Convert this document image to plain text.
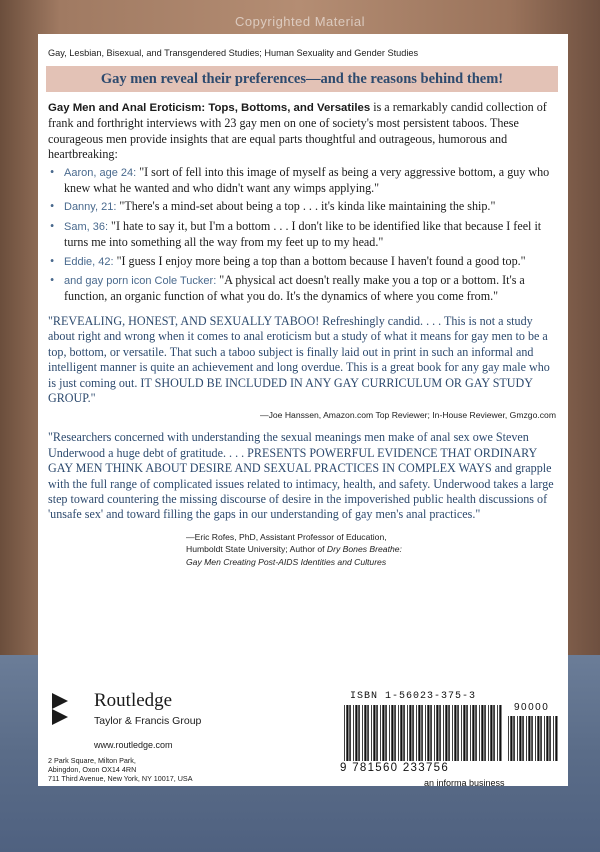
Copyrighted Material
Gay, Lesbian, Bisexual, and Transgendered Studies; Human Sexuality and Gender Studies
Gay men reveal their preferences—and the reasons behind them!

Gay Men and Anal Eroticism: Tops, Bottoms, and Versatiles is a remarkably candid collection of frank and forthright interviews with 23 gay men on one of society's most persistent taboos. These courageous men provide insights that are equal parts thoughtful and outrageous, humorous and heartbreaking:

• Aaron, age 24: "I sort of fell into this image of myself as being a very aggressive bottom, a guy who knew what he wanted and who didn't want any wimps applying."
• Danny, 21: "There's a mind-set about being a top . . . it's kinda like maintaining the ship."
• Sam, 36: "I hate to say it, but I'm a bottom . . . I don't like to be identified like that because I feel it turns me into something all the way from my feet up to my head."
• Eddie, 42: "I guess I enjoy more being a top than a bottom because I haven't found a good top."
• and gay porn icon Cole Tucker: "A physical act doesn't really make you a top or a bottom. It's a function, an organic function of what you do. It's the dynamics of where you come from."

"REVEALING, HONEST, AND SEXUALLY TABOO! Refreshingly candid. . . . This is not a study about right and wrong when it comes to anal eroticism but a study of what it means for gay men to be a top, bottom, or versatile. That such a taboo subject is finally laid out in print in such an informal and intelligent manner is quite an achievement and long overdue. This is a great book for any gay male who is just coming out. IT SHOULD BE INCLUDED IN ANY GAY CURRICULUM OR GAY STUDY GROUP."

—Joe Hanssen, Amazon.com Top Reviewer; In-House Reviewer, Gmzgo.com

"Researchers concerned with understanding the sexual meanings men make of anal sex owe Steven Underwood a huge debt of gratitude. . . . PRESENTS POWERFUL EVIDENCE THAT ORDINARY GAY MEN THINK ABOUT DESIRE AND SEXUAL PRACTICES IN COMPLEX WAYS and grapple with the full range of complicated issues related to intimacy, health, and safety. Underwood takes a large step toward countering the missing discourse of desire in the impoverished public health discussions of 'unsafe sex' and toward filling the gaps in our understanding of gay men's anal practices."

—Eric Rofes, PhD, Assistant Professor of Education,
Humboldt State University; Author of Dry Bones Breathe:
Gay Men Creating Post-AIDS Identities and Cultures
Routledge
Taylor & Francis Group
www.routledge.com
2 Park Square, Milton Park,
Abingdon, Oxon OX14 4RN
711 Third Avenue, New York, NY 10017, USA
ISBN 1-56023-375-3
90000
9 781560 233756
an informa business
